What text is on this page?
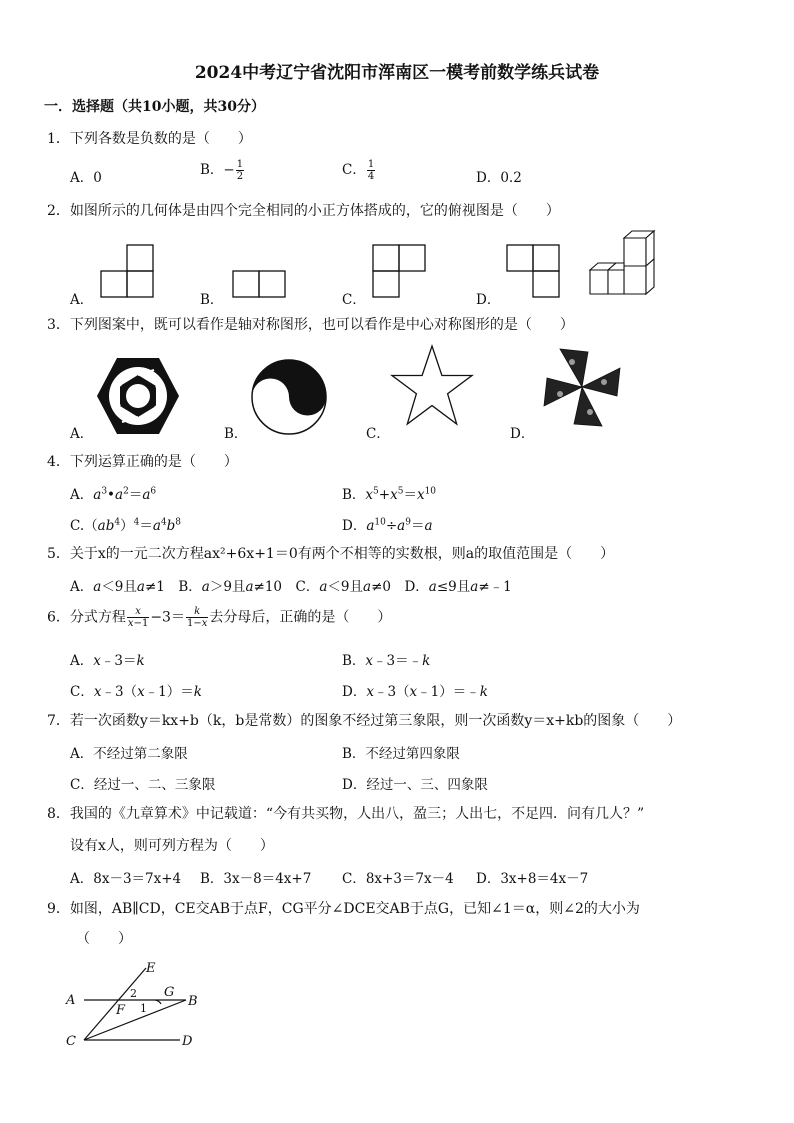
2024中考辽宁省沈阳市浑南区一模考前数学练兵试卷
一．选择题（共10小题，共30分）
1．下列各数是负数的是（　　）
A．0	B．− $\frac{1}{2}$	C． $\frac{1}{4}$	D．0.2
2．如图所示的几何体是由四个完全相同的小正方体搭成的，它的俯视图是（　　）
A．	B．	C．	D．
3．下列图案中，既可以看作是轴对称图形，也可以看作是中心对称图形的是（　　）
A．	B．	C．	D．
4．下列运算正确的是（　　）
A．$a^3•a^2=a^6$	B．$x^5+x^5=x^{10}$
$C.(ab^4)^4=a^4b^8$	D．$a^{10}\div a^9=a$
5．关于x的一元二次方程ax²+6x+1＝0有两个不相等的实数根，则a的取值范围是（　　）
A．a＜9且a≠1　B．a＞9且a≠10　C．a＜9且a≠0　D．a≤9且a≠﹣1
6．分式方程 $\frac{x}{x-1} -3= \frac{k}{1-x}$ 去分母后，正确的是（　　）
A．x﹣3＝k	B．x﹣3＝﹣k
C．x﹣3（x﹣1）＝k	D．x﹣3（x﹣1）＝﹣k
7．若一次函数y＝kx+b（k，b是常数）的图象不经过第三象限，则一次函数y＝x+kb的图象（　　）
A．不经过第二象限	B．不经过第四象限
C．经过一、二、三象限	D．经过一、三、四象限
8．我国的《九章算术》中记载道：“今有共买物，人出八，盈三；人出七，不足四．问有几人？”
设有x人，则可列方程为（　　）
A．8x－3＝7x+4 B．3x－8＝4x+7 C．8x+3＝7x－4 D．3x+8＝4x－7
9．如图，AB∥CD，CE交AB于点F，CG平分∠DCE交AB于点G，已知∠1＝α，则∠2的大小为
（　　）
E
A	B
C	D
F
G
2
1
